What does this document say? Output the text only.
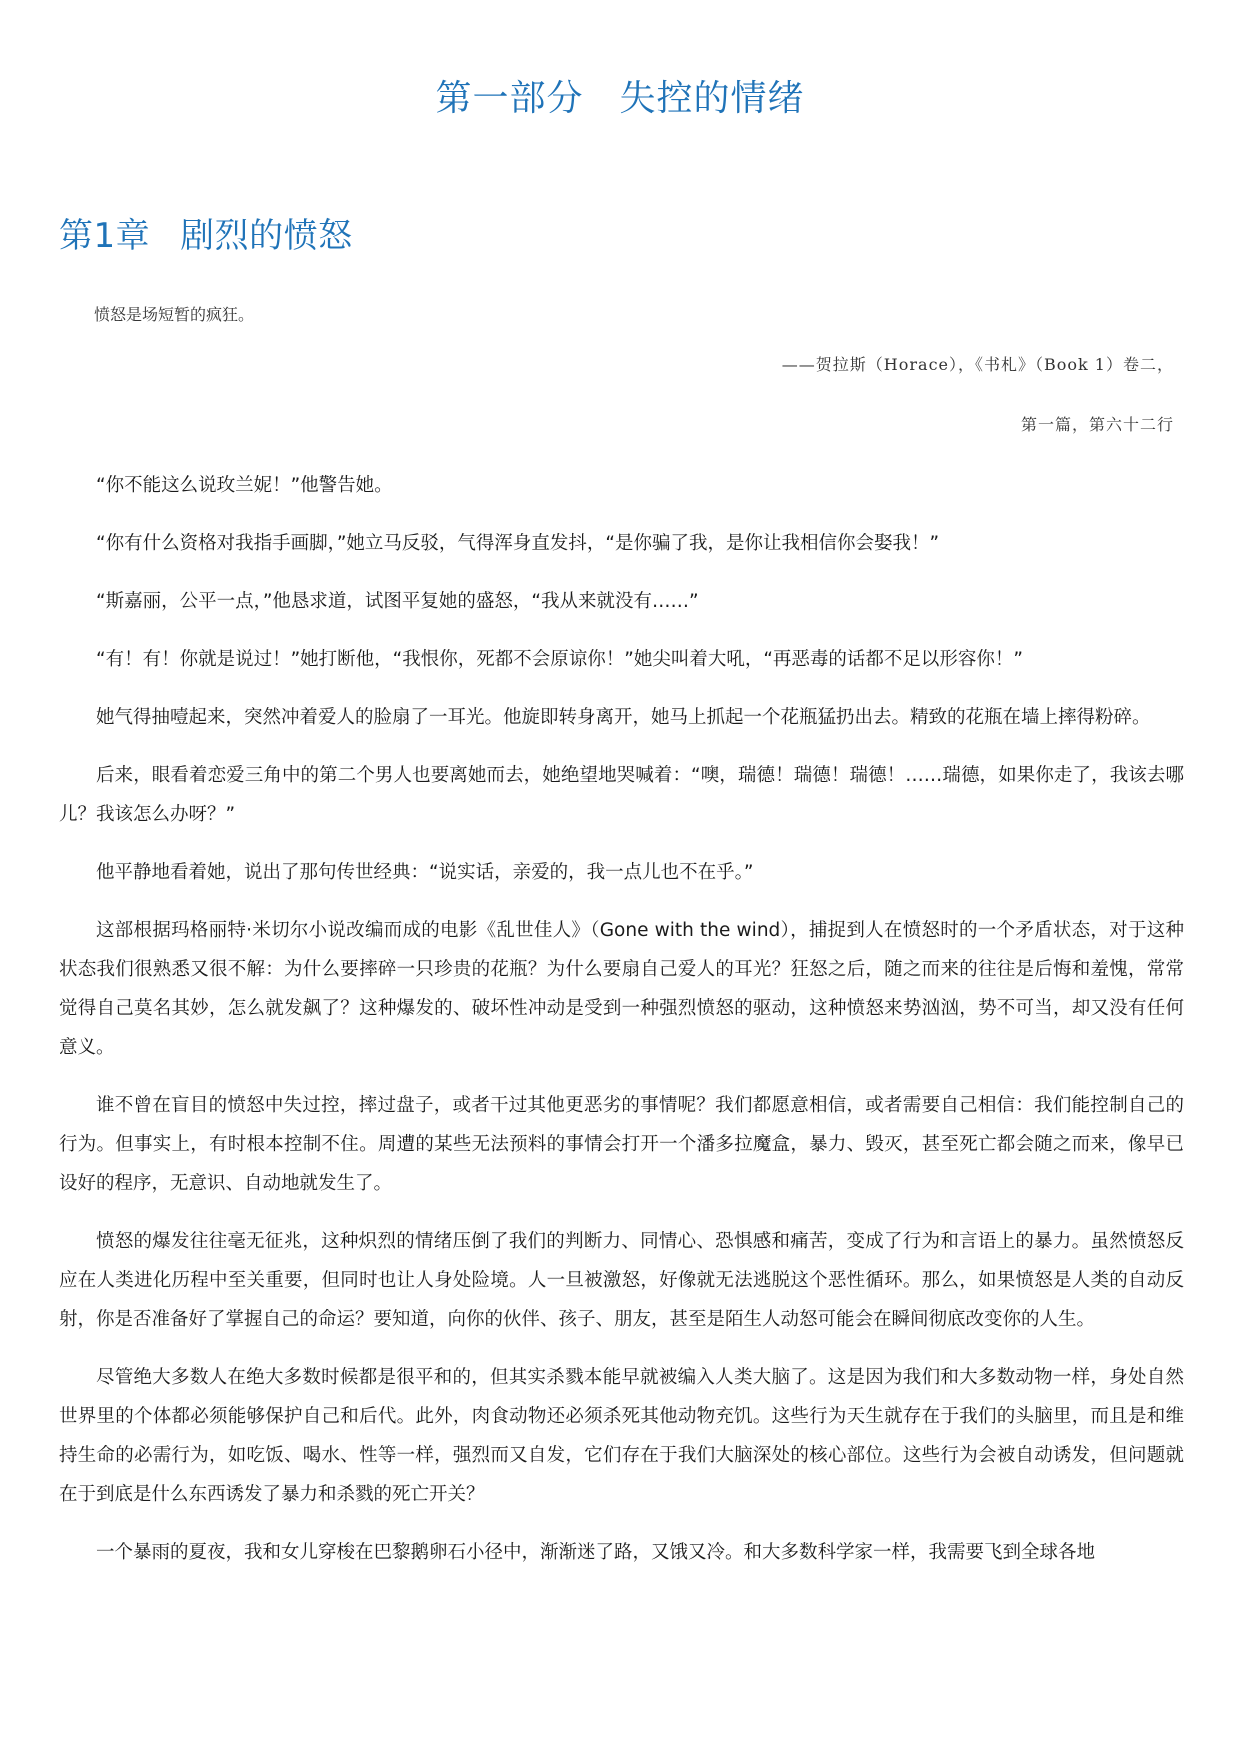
第一部分 失控的情绪
第1章 剧烈的愤怒

愤怒是场短暂的疯狂。

——贺拉斯（Horace），《书札》（Book 1）卷二，

第一篇，第六十二行

“你不能这么说玫兰妮！”他警告她。

“你有什么资格对我指手画脚，”她立马反驳，气得浑身直发抖，“是你骗了我，是你让我相信你会娶我！”

“斯嘉丽，公平一点，”他恳求道，试图平复她的盛怒，“我从来就没有……”

“有！有！你就是说过！”她打断他，“我恨你，死都不会原谅你！”她尖叫着大吼，“再恶毒的话都不足以形容你！”

她气得抽噎起来，突然冲着爱人的脸扇了一耳光。他旋即转身离开，她马上抓起一个花瓶猛扔出去。精致的花瓶在墙上摔得粉碎。

后来，眼看着恋爱三角中的第二个男人也要离她而去，她绝望地哭喊着：“噢，瑞德！瑞德！瑞德！……瑞德，如果你走了，我该去哪儿？我该怎么办呀？”

他平静地看着她，说出了那句传世经典：“说实话，亲爱的，我一点儿也不在乎。”

这部根据玛格丽特·米切尔小说改编而成的电影《乱世佳人》（Gone with the wind），捕捉到人在愤怒时的一个矛盾状态，对于这种状态我们很熟悉又很不解：为什么要摔碎一只珍贵的花瓶？为什么要扇自己爱人的耳光？狂怒之后，随之而来的往往是后悔和羞愧，常常觉得自己莫名其妙，怎么就发飙了？这种爆发的、破坏性冲动是受到一种强烈愤怒的驱动，这种愤怒来势汹汹，势不可当，却又没有任何意义。

谁不曾在盲目的愤怒中失过控，摔过盘子，或者干过其他更恶劣的事情呢？我们都愿意相信，或者需要自己相信：我们能控制自己的行为。但事实上，有时根本控制不住。周遭的某些无法预料的事情会打开一个潘多拉魔盒，暴力、毁灭，甚至死亡都会随之而来，像早已设好的程序，无意识、自动地就发生了。

愤怒的爆发往往毫无征兆，这种炽烈的情绪压倒了我们的判断力、同情心、恐惧感和痛苦，变成了行为和言语上的暴力。虽然愤怒反应在人类进化历程中至关重要，但同时也让人身处险境。人一旦被激怒，好像就无法逃脱这个恶性循环。那么，如果愤怒是人类的自动反射，你是否准备好了掌握自己的命运？要知道，向你的伙伴、孩子、朋友，甚至是陌生人动怒可能会在瞬间彻底改变你的人生。

尽管绝大多数人在绝大多数时候都是很平和的，但其实杀戮本能早就被编入人类大脑了。这是因为我们和大多数动物一样，身处自然世界里的个体都必须能够保护自己和后代。此外，肉食动物还必须杀死其他动物充饥。这些行为天生就存在于我们的头脑里，而且是和维持生命的必需行为，如吃饭、喝水、性等一样，强烈而又自发，它们存在于我们大脑深处的核心部位。这些行为会被自动诱发，但问题就在于到底是什么东西诱发了暴力和杀戮的死亡开关？

一个暴雨的夏夜，我和女儿穿梭在巴黎鹅卵石小径中，渐渐迷了路，又饿又冷。和大多数科学家一样，我需要飞到全球各地
